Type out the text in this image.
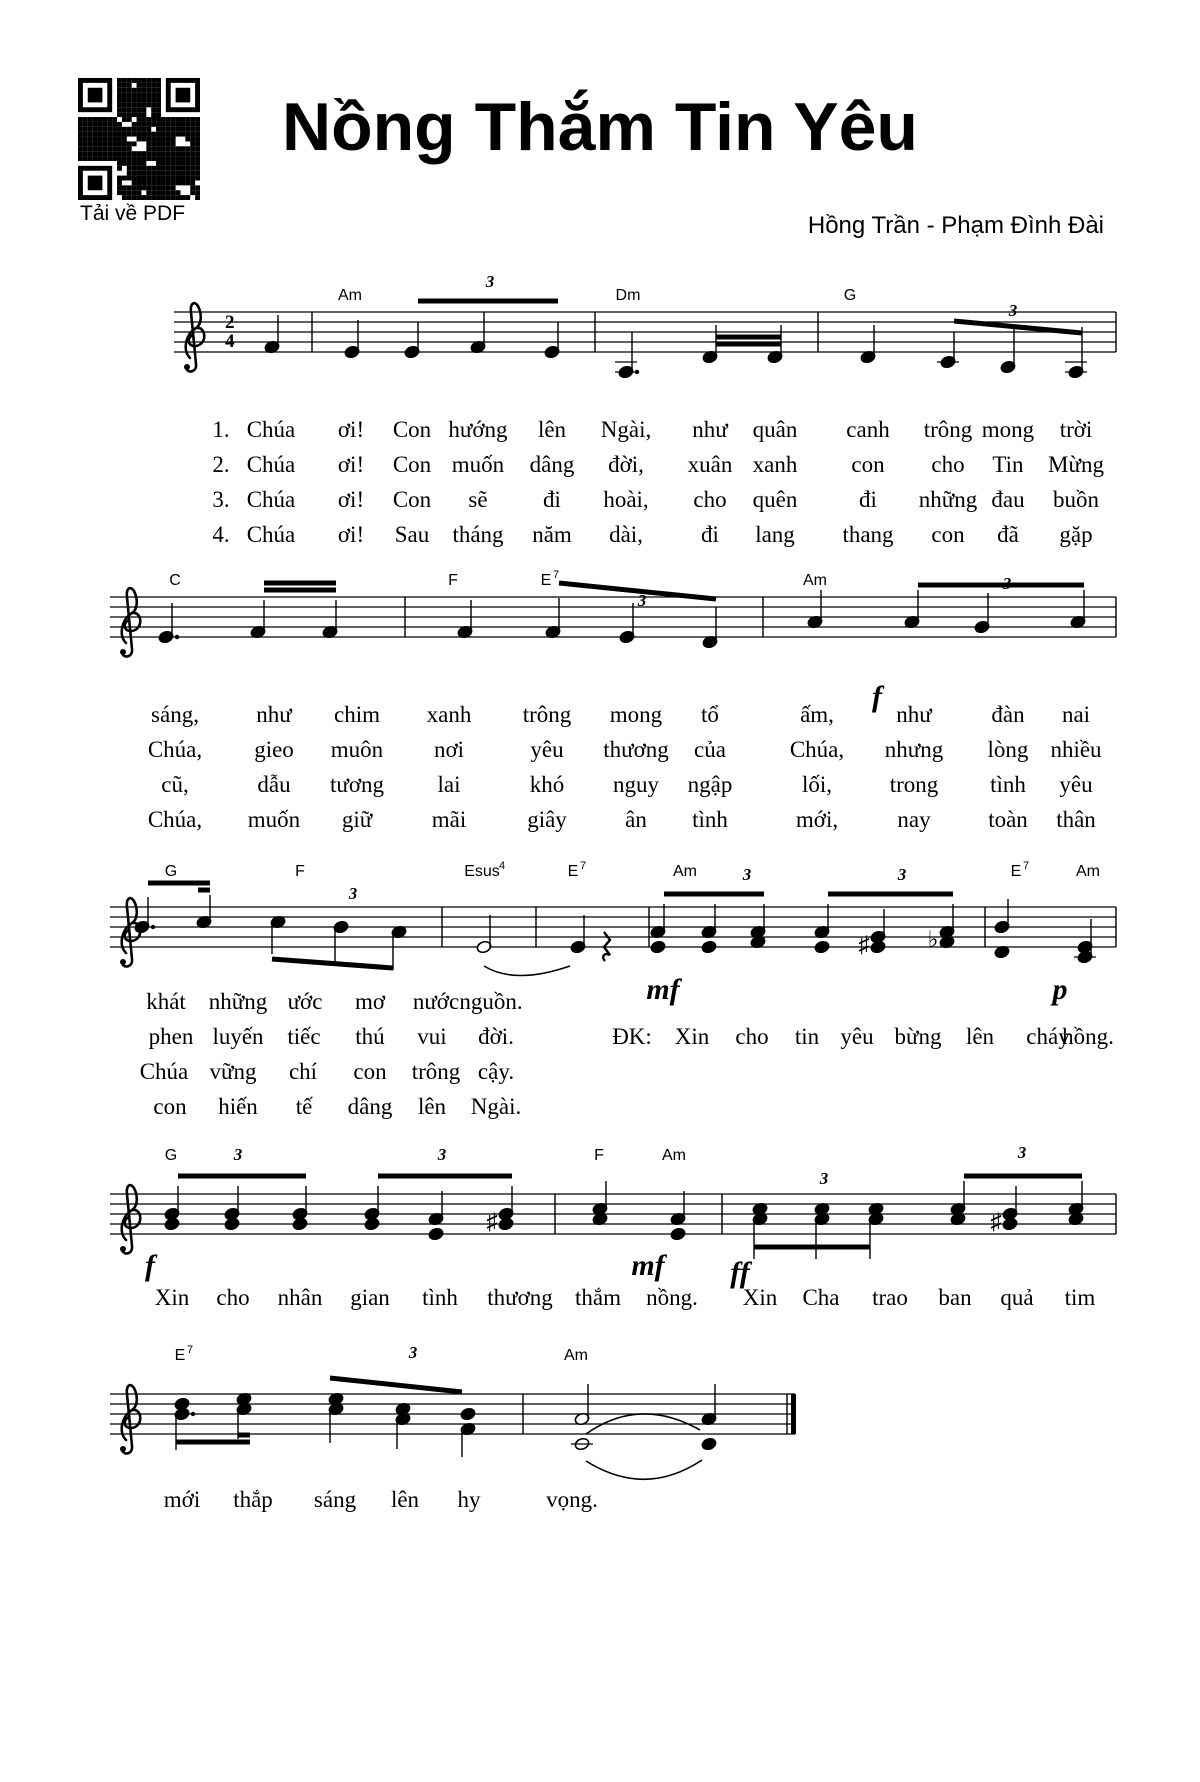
Tải về PDF
Nồng Thắm Tin Yêu
Hồng Trần - Phạm Đình Đài
2
4
Am	Dm	G
3
3
1. Chúa ơi! Con hướng lên Ngài, như quân canh trông mong trời
2. Chúa ơi! Con muốn dâng đời, xuân xanh con cho Tin Mừng
3. Chúa ơi! Con sẽ đi hoài, cho quên	đi những đau buồn
4. Chúa ơi! Sau tháng năm dài,	đi lang thang con đã gặp
C	F	E 7	Am
3
3
f
sáng, như chim xanh trông mong tổ	ấm,	như	đàn nai
Chúa, gieo muôn nơi	yêu thương của	Chúa, nhưng lòng nhiều
cũ,	dẫu tương lai	khó nguy ngập	lối,	trong tình yêu
Chúa, muốn giữ	mãi	giây	ân tình	mới,	nay	toàn thân
♯	♭
G	F	Esus 4	E 7	Am	E 7	Am
3
3	3
mf	p
khát những ước mơ nước nguồn.
phen luyến tiếc thú vui đời.
Chúa vững chí con trông cậy.
con hiến tế dâng lên Ngài.
ĐK: Xin cho tin yêu bừng lên cháy
hồng.
♯	♯
G	F	Am
3	3
3
3
f	mf ff
Xin cho nhân gian tình thương thắm nồng. Xin Cha trao ban quả tim
E 7	Am
3
mới thắp sáng lên hy	vọng.
